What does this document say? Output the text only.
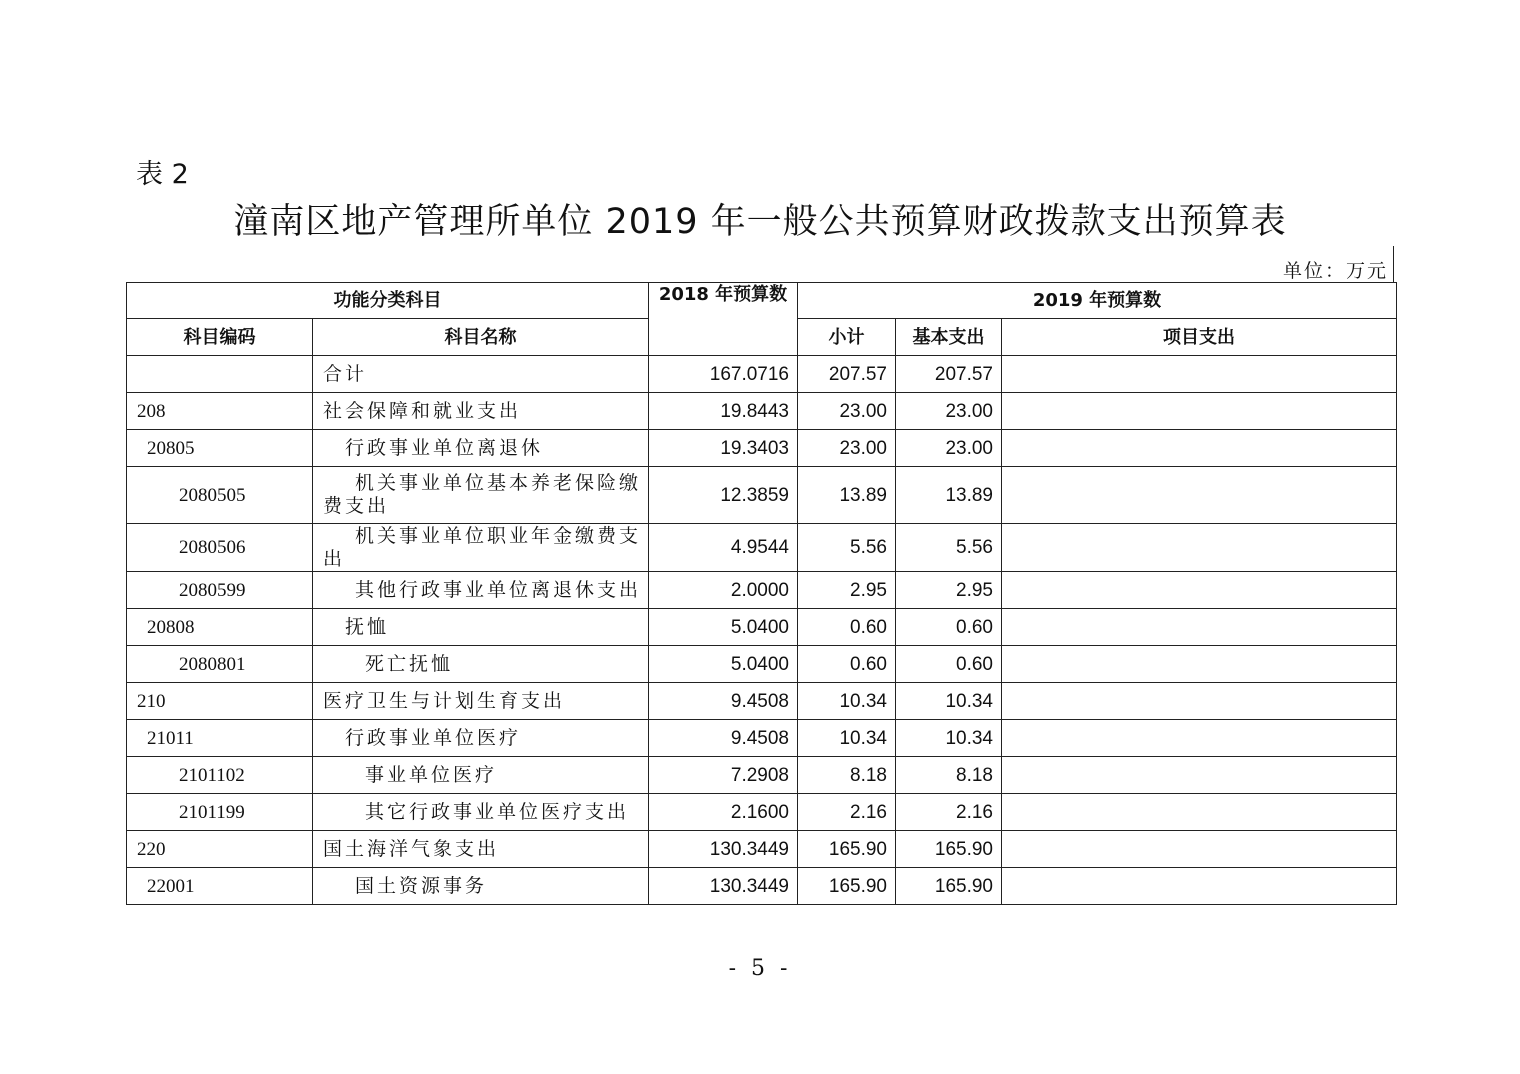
表 2
潼南区地产管理所单位 2019 年一般公共预算财政拨款支出预算表
单位：万元
功能分类科目		2018 年预算数	2019 年预算数		
科目编码	科目名称		小计	基本支出	项目支出
	合计	167.0716	207.57	207.57	
208	社会保障和就业支出	19.8443	23.00	23.00	
20805	行政事业单位离退休	19.3403	23.00	23.00	
2080505	机关事业单位基本养老保险缴费支出	12.3859	13.89	13.89	
2080506	机关事业单位职业年金缴费支出	4.9544	5.56	5.56	
2080599	其他行政事业单位离退休支出	2.0000	2.95	2.95	
20808	抚恤	5.0400	0.60	0.60	
2080801	死亡抚恤	5.0400	0.60	0.60	
210	医疗卫生与计划生育支出	9.4508	10.34	10.34	
21011	行政事业单位医疗	9.4508	10.34	10.34	
2101102	事业单位医疗	7.2908	8.18	8.18	
2101199	其它行政事业单位医疗支出	2.1600	2.16	2.16	
220	国土海洋气象支出	130.3449	165.90	165.90	
22001	国土资源事务	130.3449	165.90	165.90	
- 5 -
